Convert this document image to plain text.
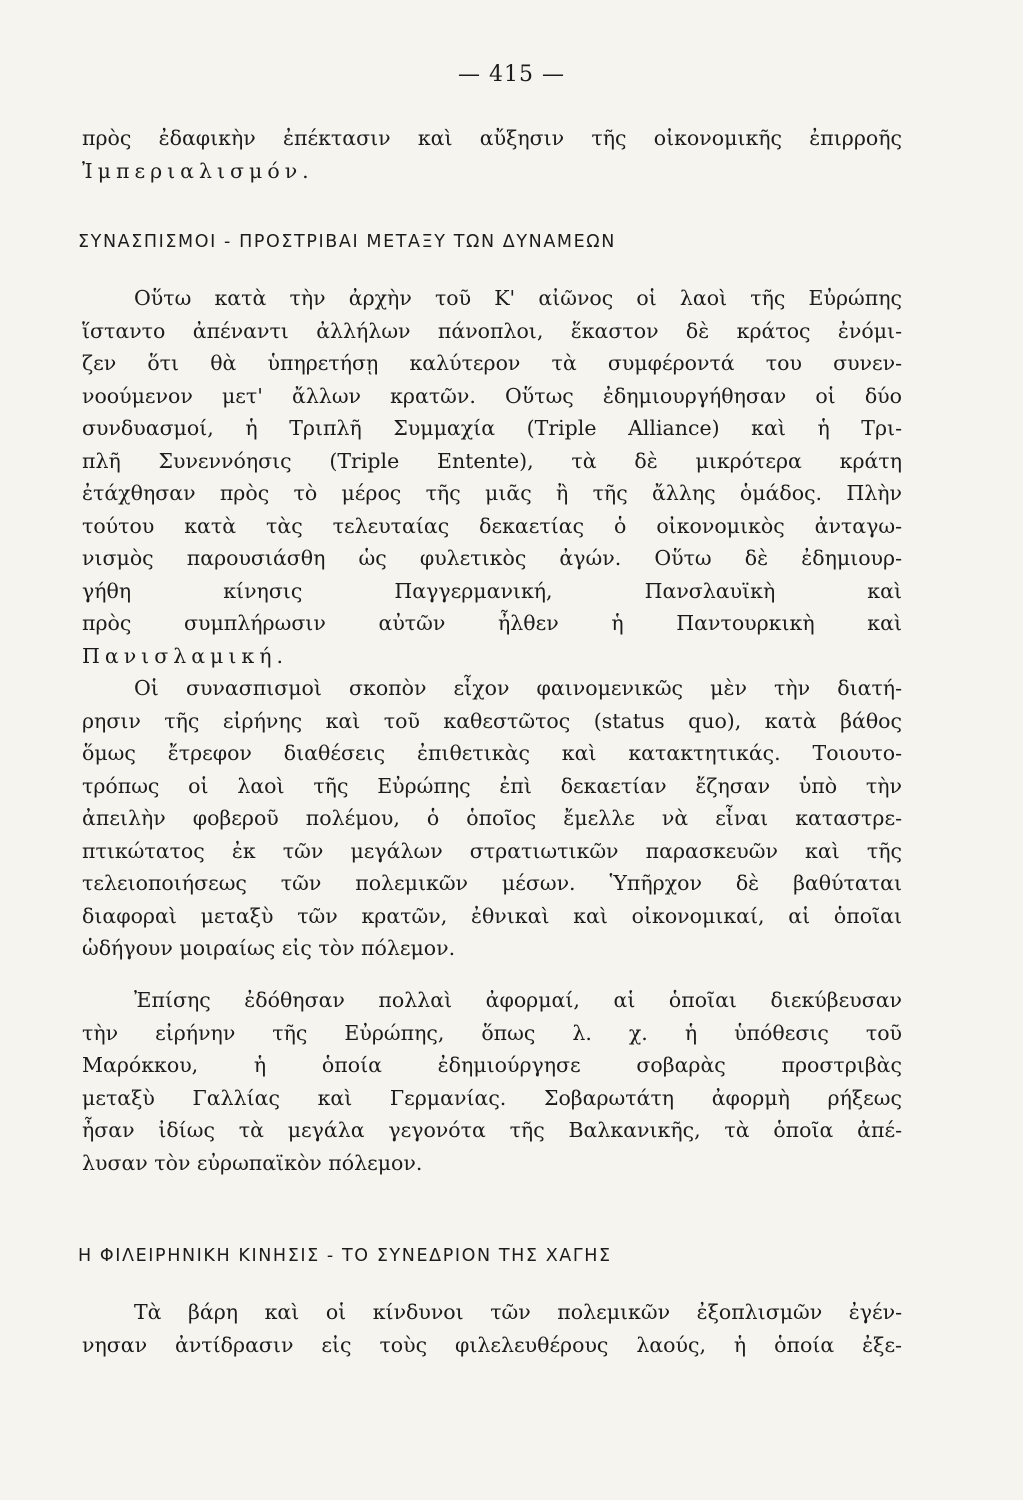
— 415 —
πρὸς ἐδαφικὴν ἐπέκτασιν καὶ αὔξησιν τῆς οἰκονομικῆς ἐπιρροῆς
Ἰμπεριαλισμόν.
ΣΥΝΑΣΠΙΣΜΟΙ - ΠΡΟΣΤΡΙΒΑΙ ΜΕΤΑΞΥ ΤΩΝ ΔΥΝΑΜΕΩΝ
Οὕτω κατὰ τὴν ἀρχὴν τοῦ Κ' αἰῶνος οἱ λαοὶ τῆς Εὐρώπης
ἵσταντο ἀπέναντι ἀλλήλων πάνοπλοι, ἕκαστον δὲ κράτος ἐνόμι-
ζεν ὅτι θὰ ὑπηρετήσῃ καλύτερον τὰ συμφέροντά του συνεν-
νοούμενον μετ' ἄλλων κρατῶν. Οὕτως ἐδημιουργήθησαν οἱ δύο
συνδυασμοί, ἡ Τριπλῆ Συμμαχία (Triple Alliance) καὶ ἡ Τρι-
πλῆ Συνεννόησις (Triple Entente), τὰ δὲ μικρότερα κράτη
ἐτάχθησαν πρὸς τὸ μέρος τῆς μιᾶς ἢ τῆς ἄλλης ὁμάδος. Πλὴν
τούτου κατὰ τὰς τελευταίας δεκαετίας ὁ οἰκονομικὸς ἀνταγω-
νισμὸς παρουσιάσθη ὡς φυλετικὸς ἀγών. Οὕτω δὲ ἐδημιουρ-
γήθη κίνησις Παγγερμανική, Πανσλαυϊκὴ καὶ
πρὸς συμπλήρωσιν αὐτῶν ἦλθεν ἡ Παντουρκικὴ καὶ
Πανισλαμική.
Οἱ συνασπισμοὶ σκοπὸν εἶχον φαινομενικῶς μὲν τὴν διατή-
ρησιν τῆς εἰρήνης καὶ τοῦ καθεστῶτος (status quo), κατὰ βάθος
ὅμως ἔτρεφον διαθέσεις ἐπιθετικὰς καὶ κατακτητικάς. Τοιουτο-
τρόπως οἱ λαοὶ τῆς Εὐρώπης ἐπὶ δεκαετίαν ἔζησαν ὑπὸ τὴν
ἀπειλὴν φοβεροῦ πολέμου, ὁ ὁποῖος ἔμελλε νὰ εἶναι καταστρε-
πτικώτατος ἐκ τῶν μεγάλων στρατιωτικῶν παρασκευῶν καὶ τῆς
τελειοποιήσεως τῶν πολεμικῶν μέσων. Ὑπῆρχον δὲ βαθύταται
διαφοραὶ μεταξὺ τῶν κρατῶν, ἐθνικαὶ καὶ οἰκονομικαί, αἱ ὁποῖαι
ὡδήγουν μοιραίως εἰς τὸν πόλεμον.
Ἐπίσης ἐδόθησαν πολλαὶ ἀφορμαί, αἱ ὁποῖαι διεκύβευσαν
τὴν εἰρήνην τῆς Εὐρώπης, ὅπως λ. χ. ἡ ὑπόθεσις τοῦ
Μαρόκκου, ἡ ὁποία ἐδημιούργησε σοβαρὰς προστριβὰς
μεταξὺ Γαλλίας καὶ Γερμανίας. Σοβαρωτάτη ἀφορμὴ ρήξεως
ἦσαν ἰδίως τὰ μεγάλα γεγονότα τῆς Βαλκανικῆς, τὰ ὁποῖα ἀπέ-
λυσαν τὸν εὐρωπαϊκὸν πόλεμον.
Η ΦΙΛΕΙΡΗΝΙΚΗ ΚΙΝΗΣΙΣ - ΤΟ ΣΥΝΕΔΡΙΟΝ ΤΗΣ ΧΑΓΗΣ
Τὰ βάρη καὶ οἱ κίνδυνοι τῶν πολεμικῶν ἐξοπλισμῶν ἐγέν-
νησαν ἀντίδρασιν εἰς τοὺς φιλελευθέρους λαούς, ἡ ὁποία ἐξε-
